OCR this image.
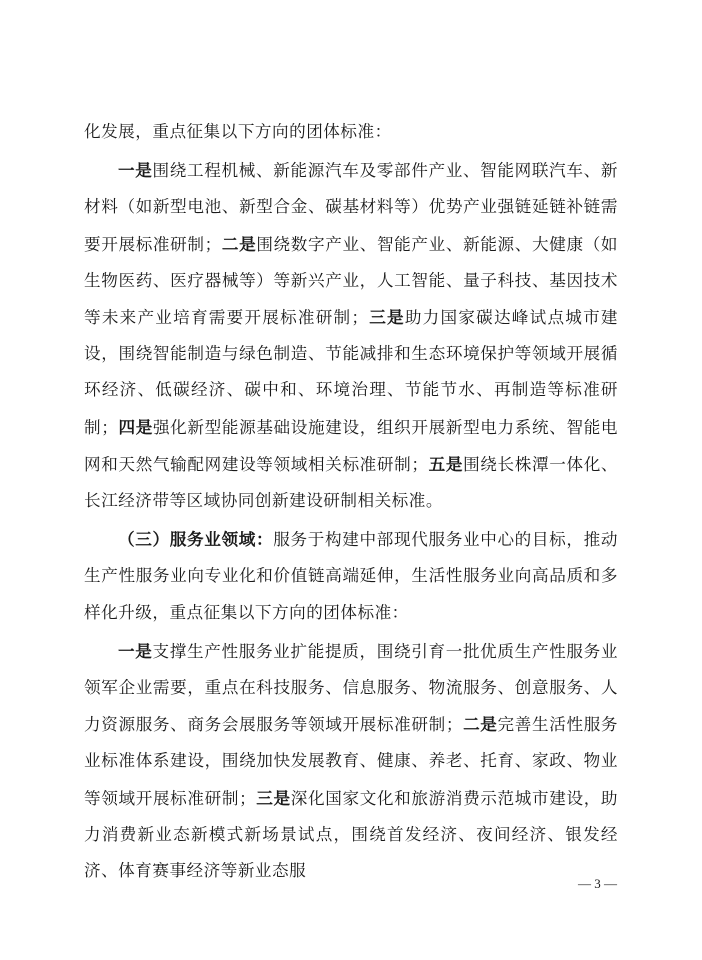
化发展，重点征集以下方向的团体标准：

一是围绕工程机械、新能源汽车及零部件产业、智能网联汽车、新材料（如新型电池、新型合金、碳基材料等）优势产业强链延链补链需要开展标准研制；二是围绕数字产业、智能产业、新能源、大健康（如生物医药、医疗器械等）等新兴产业，人工智能、量子科技、基因技术等未来产业培育需要开展标准研制；三是助力国家碳达峰试点城市建设，围绕智能制造与绿色制造、节能减排和生态环境保护等领域开展循环经济、低碳经济、碳中和、环境治理、节能节水、再制造等标准研制；四是强化新型能源基础设施建设，组织开展新型电力系统、智能电网和天然气输配网建设等领域相关标准研制；五是围绕长株潭一体化、长江经济带等区域协同创新建设研制相关标准。

（三）服务业领域：服务于构建中部现代服务业中心的目标，推动生产性服务业向专业化和价值链高端延伸，生活性服务业向高品质和多样化升级，重点征集以下方向的团体标准：

一是支撑生产性服务业扩能提质，围绕引育一批优质生产性服务业领军企业需要，重点在科技服务、信息服务、物流服务、创意服务、人力资源服务、商务会展服务等领域开展标准研制；二是完善生活性服务业标准体系建设，围绕加快发展教育、健康、养老、托育、家政、物业等领域开展标准研制；三是深化国家文化和旅游消费示范城市建设，助力消费新业态新模式新场景试点，围绕首发经济、夜间经济、银发经济、体育赛事经济等新业态服

— 3 —
